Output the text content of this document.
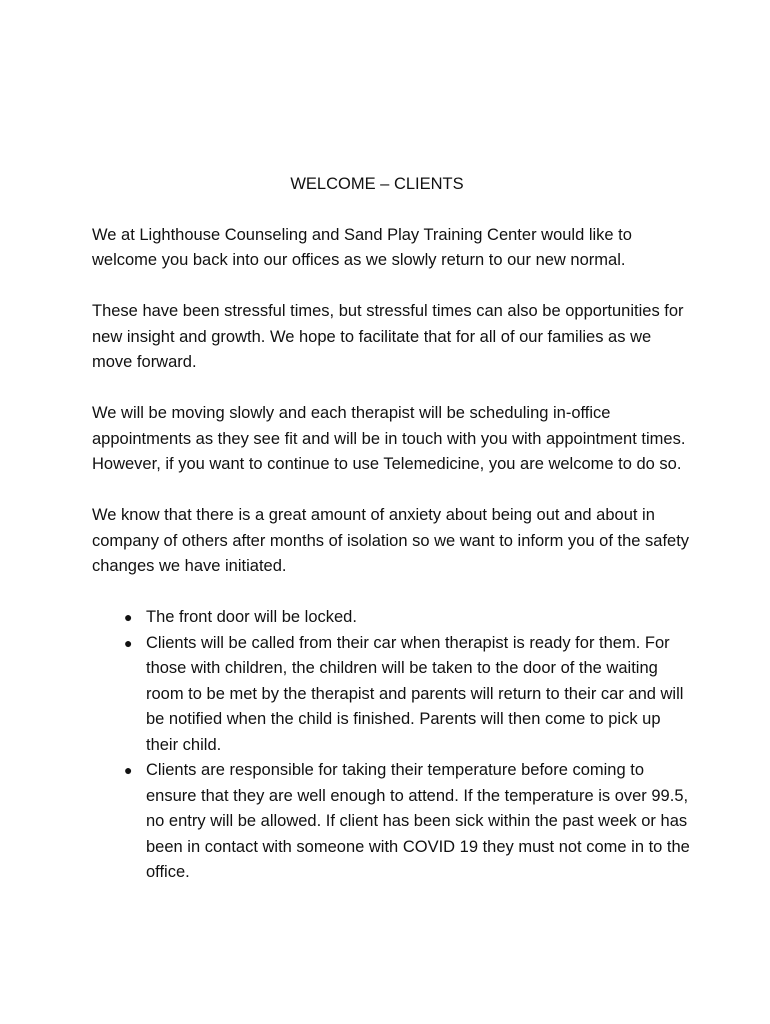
WELCOME – CLIENTS

We at Lighthouse Counseling and Sand Play Training Center would like to welcome you back into our offices as we slowly return to our new normal.

These have been stressful times, but stressful times can also be opportunities for new insight and growth. We hope to facilitate that for all of our families as we move forward.

We will be moving slowly and each therapist will be scheduling in-office appointments as they see fit and will be in touch with you with appointment times. However, if you want to continue to use Telemedicine, you are welcome to do so.

We know that there is a great amount of anxiety about being out and about in company of others after months of isolation so we want to inform you of the safety changes we have initiated.

● The front door will be locked.
● Clients will be called from their car when therapist is ready for them. For those with children, the children will be taken to the door of the waiting room to be met by the therapist and parents will return to their car and will be notified when the child is finished. Parents will then come to pick up their child.
● Clients are responsible for taking their temperature before coming to ensure that they are well enough to attend. If the temperature is over 99.5, no entry will be allowed. If client has been sick within the past week or has been in contact with someone with COVID 19 they must not come in to the office.
